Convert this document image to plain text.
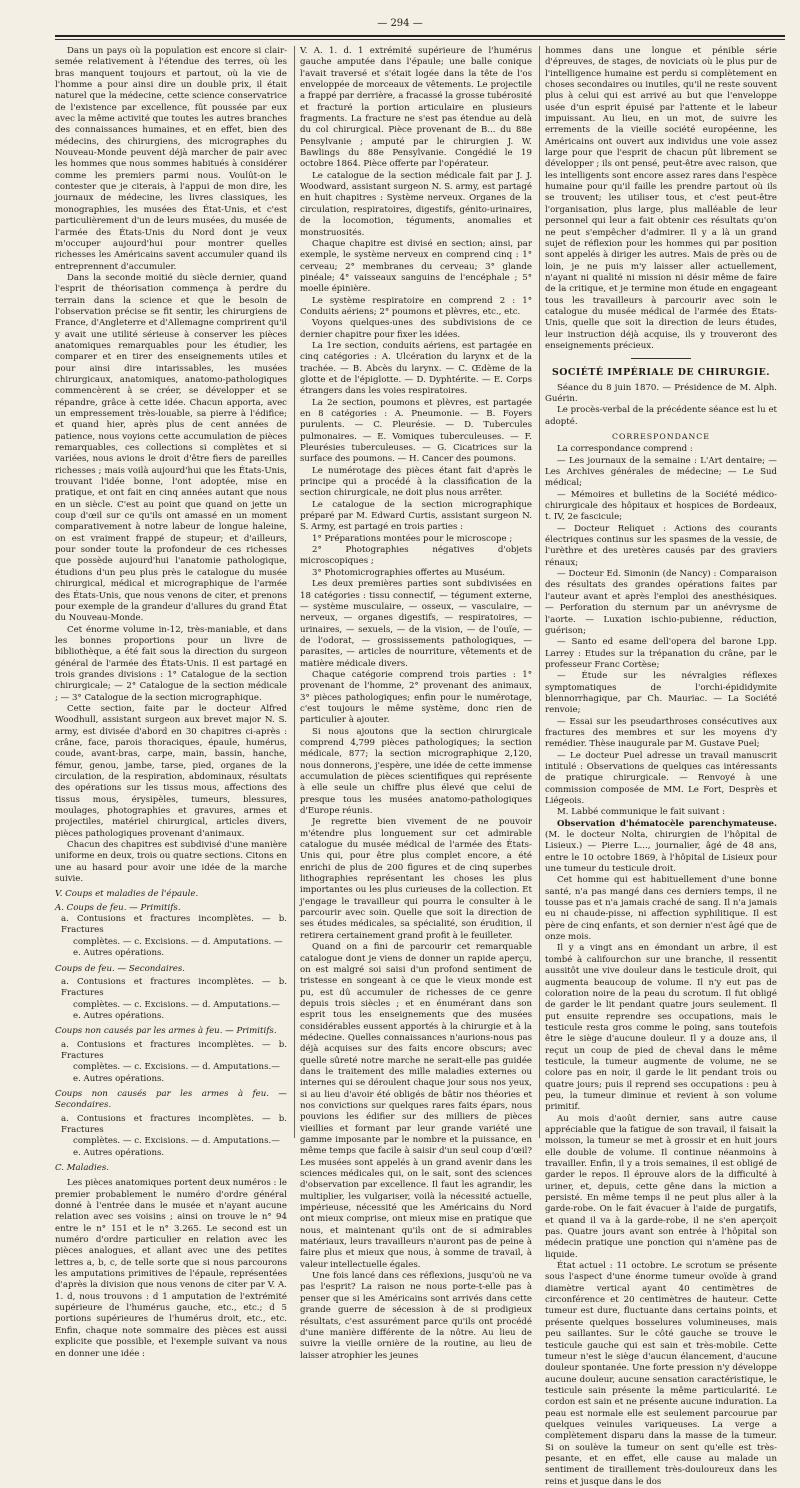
— 294 —

Dans un pays où la population est encore si clair-semée relativement à l'étendue des terres, où les bras manquent toujours et partout, où la vie de l'homme a pour ainsi dire un double prix, il était naturel que la médecine, cette science conservatrice de l'existence par excellence, fût poussée par eux avec la même activité que toutes les autres branches des connaissances humaines, et en effet, bien des médecins, des chirurgiens, des micrographes du Nouveau-Monde peuvent déjà marcher de pair avec les hommes que nous sommes habitués à considérer comme les premiers parmi nous. Voulût-on le contester que je citerais, à l'appui de mon dire, les journaux de médecine, les livres classiques, les monographies, les musées des État-Unis, et c'est particulièrement d'un de leurs musées, du musée de l'armée des États-Unis du Nord dont je veux m'occuper aujourd'hui pour montrer quelles richesses les Américains savent accumuler quand ils entreprennent d'accumuler.

Dans la seconde moitié du siècle dernier, quand l'esprit de théorisation commença à perdre du terrain dans la science et que le besoin de l'observation précise se fit sentir, les chirurgiens de France, d'Angleterre et d'Allemagne comprirent qu'il y avait une utilité sérieuse à conserver les pièces anatomiques remarquables pour les étudier, les comparer et en tirer des enseignements utiles et pour ainsi dire intarissables, les musées chirurgicaux, anatomiques, anatomo-pathologiques commencèrent à se créer, se développer et se répandre, grâce à cette idée. Chacun apporta, avec un empressement très-louable, sa pierre à l'édifice; et quand hier, après plus de cent années de patience, nous voyions cette accumulation de pièces remarquables, ces collections si complètes et si variées, nous avions le droit d'être fiers de pareilles richesses ; mais voilà aujourd'hui que les États-Unis, trouvant l'idée bonne, l'ont adoptée, mise en pratique, et ont fait en cinq années autant que nous en un siècle. C'est au point que quand on jette un coup d'œil sur ce qu'ils ont amassé en un moment comparativement à notre labeur de longue haleine, on est vraiment frappé de stupeur; et d'ailleurs, pour sonder toute la profondeur de ces richesses que possède aujourd'hui l'anatomie pathologique, étudions d'un peu plus près le catalogue du musée chirurgical, médical et micrographique de l'armée des États-Unis, que nous venons de citer, et prenons pour exemple de la grandeur d'allures du grand État du Nouveau-Monde.

Cet énorme volume in-12, très-maniable, et dans les bonnes proportions pour un livre de bibliothèque, a été fait sous la direction du surgeon général de l'armée des États-Unis. Il est partagé en trois grandes divisions : 1° Catalogue de la section chirurgicale; — 2° Catalogue de la section médicale ; — 3° Catalogue de la section micrographique.

Cette section, faite par le docteur Alfred Woodhull, assistant surgeon aux brevet major N. S. army, est divisée d'abord en 30 chapitres ci-après : crâne, face, parois thoraciques, épaule, humérus, coude, avant-bras, carpe, main, bassin, hanche, fémur, genou, jambe, tarse, pied, organes de la circulation, de la respiration, abdominaux, résultats des opérations sur les tissus mous, affections des tissus mous, érysipèles, tumeurs, blessures, moulages, photographies et gravures, armes et projectiles, matériel chirurgical, articles divers, pièces pathologiques provenant d'animaux.

Chacun des chapitres est subdivisé d'une manière uniforme en deux, trois ou quatre sections. Citons en une au hasard pour avoir une idée de la marche suivie.

V. Coups et maladies de l'épaule.

A. Coups de feu. — Primitifs.

a. Contusions et fractures incomplètes. — b. Fractures

complètes. — c. Excisions. — d. Amputations. —

e. Autres opérations.

Coups de feu. — Secondaires.

a. Contusions et fractures incomplètes. — b. Fractures

complètes. — c. Excisions. — d. Amputations.—

e. Autres opérations.

Coups non causés par les armes à feu. — Primitifs.

a. Contusions et fractures incomplètes. — b. Fractures

complètes. — c. Excisions. — d. Amputations.—

e. Autres opérations.

Coups non causés par les armes à feu. — Secondaires.

a. Contusions et fractures incomplètes. — b. Fractures

complètes. — c. Excisions. — d. Amputations.—

e. Autres opérations.

C. Maladies.

Les pièces anatomiques portent deux numéros : le premier probablement le numéro d'ordre général donné à l'entrée dans le musée et n'ayant aucune relation avec ses voisins ; ainsi on trouve le n° 94 entre le n° 151 et le n° 3.265. Le second est un numéro d'ordre particulier en relation avec les pièces analogues, et allant avec une des petites lettres a, b, c, de telle sorte que si nous parcourons les amputations primitives de l'épaule, représentées d'après la division que nous venons de citer par V. A. 1. d, nous trouvons : d 1 amputation de l'extrémité supérieure de l'humérus gauche, etc., etc.; d 5 portions supérieures de l'humérus droit, etc., etc. Enfin, chaque note sommaire des pièces est aussi explicite que possible, et l'exemple suivant va nous en donner une idée :

V. A. 1. d. 1 extrémité supérieure de l'humérus gauche amputée dans l'épaule; une balle conique l'avait traversé et s'était logée dans la tête de l'os enveloppée de morceaux de vêtements. Le projectile a frappé par derrière, a fracassé la grosse tubérosité et fracturé la portion articulaire en plusieurs fragments. La fracture ne s'est pas étendue au delà du col chirurgical. Pièce provenant de B... du 88e Pensylvanie ; amputé par le chirurgien J. W. Bawlings du 88e Pensylvanie. Congédié le 19 octobre 1864. Pièce offerte par l'opérateur.

Le catalogue de la section médicale fait par J. J. Woodward, assistant surgeon N. S. army, est partagé en huit chapitres : Système nerveux. Organes de la circulation, respiratoires, digestifs, génito-urinaires, de la locomotion, téguments, anomalies et monstruosités.

Chaque chapitre est divisé en section; ainsi, par exemple, le système nerveux en comprend cinq : 1° cerveau; 2° membranes du cerveau; 3° glande pinéale; 4° vaisseaux sanguins de l'encéphale ; 5° moelle épinière.

Le système respiratoire en comprend 2 : 1° Conduits aériens; 2° poumons et plèvres, etc., etc.

Voyons quelques-unes des subdivisions de ce dernier chapitre pour fixer les idées.

La 1re section, conduits aériens, est partagée en cinq catégories : A. Ulcération du larynx et de la trachée. — B. Abcès du larynx. — C. Œdème de la glotte et de l'épiglotte. — D. Dyphtérite. — E. Corps étrangers dans les voies respiratoires.

La 2e section, poumons et plèvres, est partagée en 8 catégories : A. Pneumonie. — B. Foyers purulents. — C. Pleurésie. — D. Tubercules pulmonaires. — E. Vomiques tuberculeuses. — F. Pleurésies tuberculeuses. — G. Cicatrices sur la surface des poumons. — H. Cancer des poumons.

Le numérotage des pièces étant fait d'après le principe qui a procédé à la classification de la section chirurgicale, ne doit plus nous arrêter.

Le catalogue de la section micrographique préparé par M. Edward Curtis, assistant surgeon N. S. Army, est partagé en trois parties :

1° Préparations montées pour le microscope ;

2° Photographies négatives d'objets microscopiques ;

3° Photomicrographies offertes au Muséum.

Les deux premières parties sont subdivisées en 18 catégories : tissu connectif, — tégument externe, — système musculaire, — osseux, — vasculaire, — nerveux, — organes digestifs, — respiratoires, — urinaires, — sexuels, — de la vision, — de l'ouïe, — de l'odorat, — grossissements pathologiques, — parasites, — articles de nourriture, vêtements et de matière médicale divers.

Chaque catégorie comprend trois parties : 1° provenant de l'homme, 2° provenant des animaux, 3° pièces pathologiques; enfin pour le numérotage, c'est toujours le même système, donc rien de particulier à ajouter.

Si nous ajoutons que la section chirurgicale comprend 4,799 pièces pathologiques; la section médicale, 877; la section micrographique 2,120, nous donnerons, j'espère, une idée de cette immense accumulation de pièces scientifiques qui représente à elle seule un chiffre plus élevé que celui de presque tous les musées anatomo-pathologiques d'Europe réunis.

Je regrette bien vivement de ne pouvoir m'étendre plus longuement sur cet admirable catalogue du musée médical de l'armée des États-Unis qui, pour être plus complet encore, a été enrichi de plus de 200 figures et de cinq superbes lithographies représentant les choses les plus importantes ou les plus curieuses de la collection. Et j'engage le travailleur qui pourra le consulter à le parcourir avec soin. Quelle que soit la direction de ses études médicales, sa spécialité, son érudition, il retirera certainement grand profit à le feuilleter.

Quand on a fini de parcourir cet remarquable catalogue dont je viens de donner un rapide aperçu, on est malgré soi saisi d'un profond sentiment de tristesse en songeant à ce que le vieux monde est pu, est dû accumuler de richesses de ce genre depuis trois siècles ; et en énumérant dans son esprit tous les enseignements que des musées considérables eussent apportés à la chirurgie et à la médecine. Quelles connaissances n'aurions-nous pas déjà acquises sur des faits encore obscurs; avec quelle sûreté notre marche ne serait-elle pas guidée dans le traitement des mille maladies externes ou internes qui se déroulent chaque jour sous nos yeux, si au lieu d'avoir été obligés de bâtir nos théories et nos convictions sur quelques rares faits épars, nous pouvions les édifier sur des milliers de pièces vieillies et formant par leur grande variété une gamme imposante par le nombre et la puissance, en même temps que facile à saisir d'un seul coup d'œil? Les musées sont appelés à un grand avenir dans les sciences médicales qui, on le sait, sont des sciences d'observation par excellence. Il faut les agrandir, les multiplier, les vulgariser, voilà la nécessité actuelle, impérieuse, nécessité que les Américains du Nord ont mieux comprise, ont mieux mise en pratique que nous, et maintenant qu'ils ont de si admirables matériaux, leurs travailleurs n'auront pas de peine à faire plus et mieux que nous, à somme de travail, à valeur intellectuelle égales.

Une fois lancé dans ces réflexions, jusqu'où ne va pas l'esprit? La raison ne nous porte-t-elle pas à penser que si les Américains sont arrivés dans cette grande guerre de sécession à de si prodigieux résultats, c'est assurément parce qu'ils ont procédé d'une manière différente de la nôtre. Au lieu de suivre la vieille ornière de la routine, au lieu de laisser atrophier les jeunes

hommes dans une longue et pénible série d'épreuves, de stages, de noviciats où le plus pur de l'intelligence humaine est perdu si complètement en choses secondaires ou inutiles, qu'il ne reste souvent plus à celui qui est arrivé au but que l'enveloppe usée d'un esprit épuisé par l'attente et le labeur impuissant. Au lieu, en un mot, de suivre les errements de la vieille société européenne, les Américains ont ouvert aux individus une voie assez large pour que l'esprit de chacun pût librement se développer ; ils ont pensé, peut-être avec raison, que les intelligents sont encore assez rares dans l'espèce humaine pour qu'il faille les prendre partout où ils se trouvent; les utiliser tous, et c'est peut-être l'organisation, plus large, plus malléable de leur personnel qui leur a fait obtenir ces résultats qu'on ne peut s'empêcher d'admirer. Il y a là un grand sujet de réflexion pour les hommes qui par position sont appelés à diriger les autres. Mais de près ou de loin, je ne puis m'y laisser aller actuellement, n'ayant ni qualité ni mission ni désir même de faire de la critique, et je termine mon étude en engageant tous les travailleurs à parcourir avec soin le catalogue du musée médical de l'armée des États-Unis, quelle que soit la direction de leurs études, leur instruction déjà acquise, ils y trouveront des enseignements précieux.

SOCIÉTÉ IMPÉRIALE DE CHIRURGIE.

Séance du 8 juin 1870. — Présidence de M. Alph. Guérin.

Le procès-verbal de la précédente séance est lu et adopté.

CORRESPONDANCE

La correspondance comprend :

— Les journaux de la semaine : L'Art dentaire; — Les Archives générales de médecine; — Le Sud médical;

— Mémoires et bulletins de la Société médico-chirurgicale des hôpitaux et hospices de Bordeaux, t. IV, 2e fascicule;

— Docteur Reliquet : Actions des courants électriques continus sur les spasmes de la vessie, de l'urèthre et des uretères causés par des graviers rénaux;

— Docteur Ed. Simonin (de Nancy) : Comparaison des résultats des grandes opérations faites par l'auteur avant et après l'emploi des anesthésiques. — Perforation du sternum par un anévrysme de l'aorte. — Luxation ischio-pubienne, réduction, guérison;

— Santo ed esame dell'opera del barone Lpp. Larrey : Etudes sur la trépanation du crâne, par le professeur Franc Cortèse;

— Étude sur les névralgies réflexes symptomatiques de l'orchi-épididymite blennorrhagique, par Ch. Mauriac. — La Société renvoie;

— Essai sur les pseudarthroses consécutives aux fractures des membres et sur les moyens d'y remédier. Thèse inaugurale par M. Gustave Puel;

— Le docteur Puel adresse un travail manuscrit intitulé : Observations de quelques cas intéressants de pratique chirurgicale. — Renvoyé à une commission composée de MM. Le Fort, Desprès et Liégeois.

M. Labbé communique le fait suivant :

Observation d'hématocèle parenchymateuse. (M. le docteur Nolta, chirurgien de l'hôpital de Lisieux.) — Pierre L..., journalier, âgé de 48 ans, entre le 10 octobre 1869, à l'hôpital de Lisieux pour une tumeur du testicule droit.

Cet homme qui est habituellement d'une bonne santé, n'a pas mangé dans ces derniers temps, il ne tousse pas et n'a jamais craché de sang. Il n'a jamais eu ni chaude-pisse, ni affection syphilitique. Il est père de cinq enfants, et son dernier n'est âgé que de onze mois.

Il y a vingt ans en émondant un arbre, il est tombé à califourchon sur une branche, il ressentit aussitôt une vive douleur dans le testicule droit, qui augmenta beaucoup de volume. Il n'y eut pas de coloration noire de la peau du scrotum. Il fut obligé de garder le lit pendant quatre jours seulement. Il put ensuite reprendre ses occupations, mais le testicule resta gros comme le poing, sans toutefois être le siège d'aucune douleur. Il y a douze ans, il reçut un coup de pied de cheval dans le même testicule, la tumeur augmente de volume, ne se colore pas en noir, il garde le lit pendant trois ou quatre jours; puis il reprend ses occupations : peu à peu, la tumeur diminue et revient à son volume primitif.

Au mois d'août dernier, sans autre cause appréciable que la fatigue de son travail, il faisait la moisson, la tumeur se met à grossir et en huit jours elle double de volume. Il continue néanmoins à travailler. Enfin, il y a trois semaines, il est obligé de garder le repos. Il éprouve alors de la difficulté à uriner, et, depuis, cette gêne dans la miction a persisté. En même temps il ne peut plus aller à la garde-robe. On le fait évacuer à l'aide de purgatifs, et quand il va à la garde-robe, il ne s'en aperçoit pas. Quatre jours avant son entrée à l'hôpital son médecin pratique une ponction qui n'amène pas de liquide.

État actuel : 11 octobre. Le scrotum se présente sous l'aspect d'une énorme tumeur ovoïde à grand diamètre vertical ayant 40 centimètres de circonférence et 20 centimètres de hauteur. Cette tumeur est dure, fluctuante dans certains points, et présente quelques bosselures volumineuses, mais peu saillantes. Sur le côté gauche se trouve le testicule gauche qui est sain et très-mobile. Cette tumeur n'est le siège d'aucun élancement, d'aucune douleur spontanée. Une forte pression n'y développe aucune douleur, aucune sensation caractéristique, le testicule sain présente la même particularité. Le cordon est sain et ne présente aucune induration. La peau est normale elle est seulement parcourue par quelques veinules variqueuses. La verge a complètement disparu dans la masse de la tumeur. Si on soulève la tumeur on sent qu'elle est très-pesante, et en effet, elle cause au malade un sentiment de tiraillement très-douloureux dans les reins et jusque dans le dos
